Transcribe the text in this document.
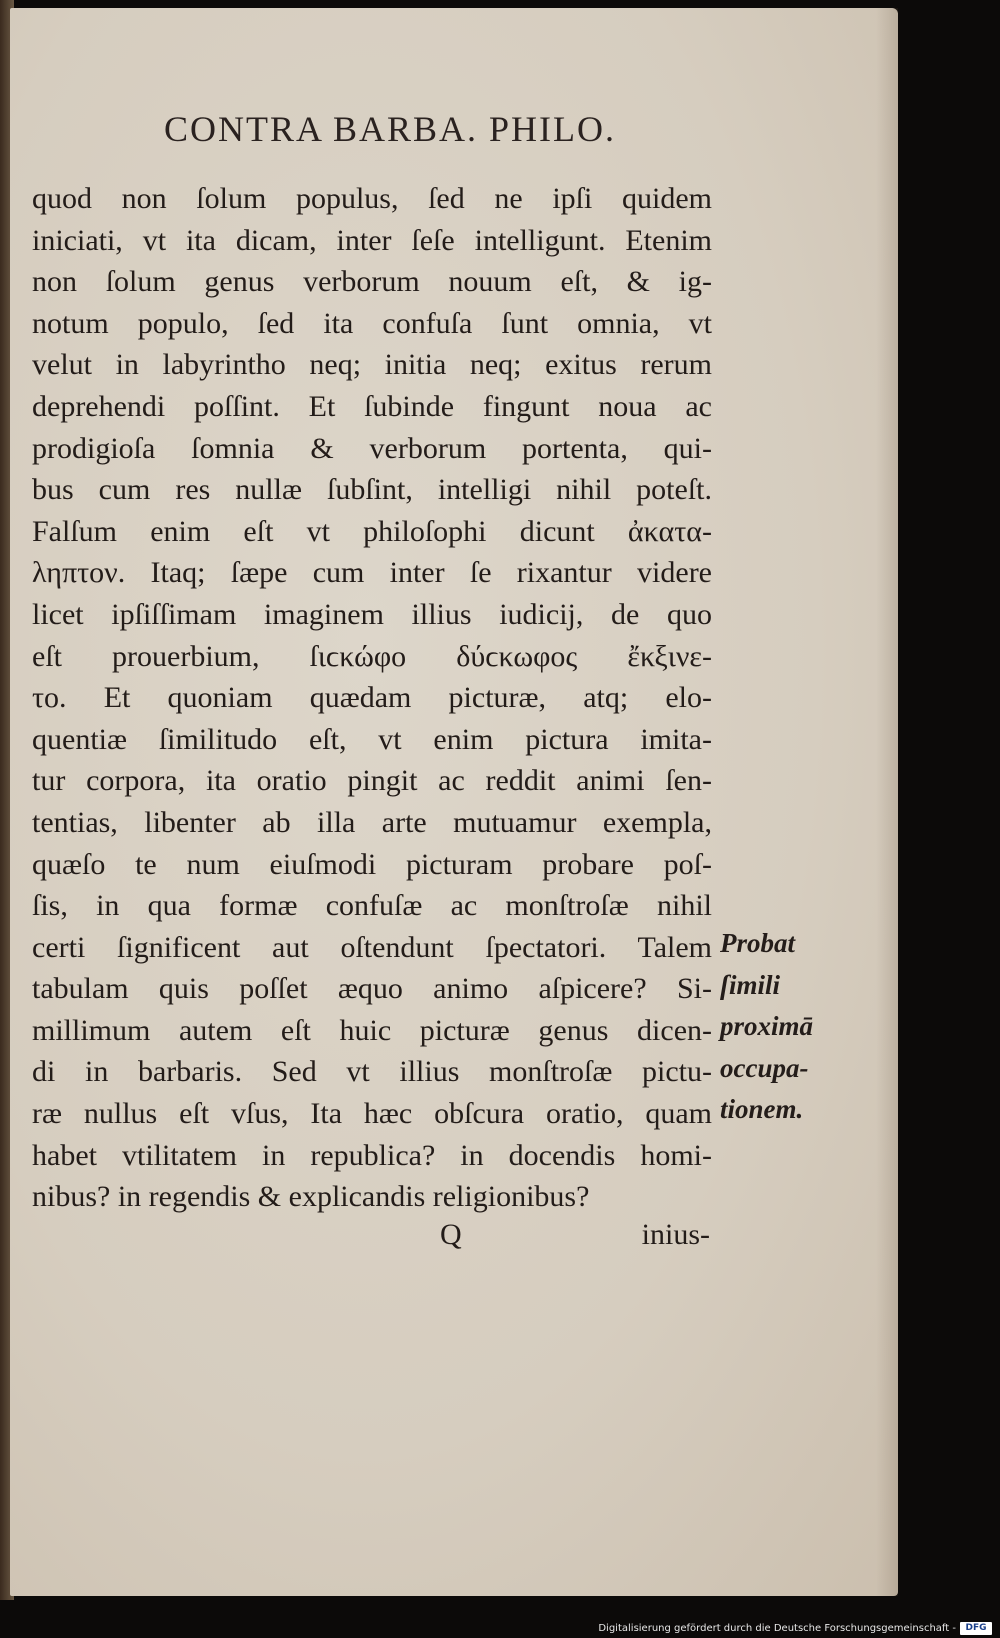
CONTRA BARBA. PHILO.
quod non ſolum populus, ſed ne ipſi quidem
iniciati, vt ita dicam, inter ſeſe intelligunt. Etenim
non ſolum genus verborum nouum eſt, & ig-
notum populo, ſed ita confuſa ſunt omnia, vt
velut in labyrintho neq; initia neq; exitus rerum
deprehendi poſſint. Et ſubinde fingunt noua ac
prodigioſa ſomnia & verborum portenta, qui-
bus cum res nullæ ſubſint, intelligi nihil poteſt.
Falſum enim eſt vt philoſophi dicunt ἀκατα-
ληπτον. Itaq; ſæpe cum inter ſe rixantur videre
licet ipſiſſimam imaginem illius iudicij, de quo
eſt prouerbium, ſιϲκώφο δύϲκωφος ἔκξινε-
το. Et quoniam quædam picturæ, atq; elo-
quentiæ ſimilitudo eſt, vt enim pictura imita-
tur corpora, ita oratio pingit ac reddit animi ſen-
tentias, libenter ab illa arte mutuamur exempla,
quæſo te num eiuſmodi picturam probare poſ-
ſis, in qua formæ confuſæ ac monſtroſæ nihil
certi ſignificent aut oſtendunt ſpectatori. Talem
tabulam quis poſſet æquo animo aſpicere? Si-
millimum autem eſt huic picturæ genus dicen-
di in barbaris. Sed vt illius monſtroſæ pictu-
ræ nullus eſt vſus, Ita hæc obſcura oratio, quam
habet vtilitatem in republica? in docendis homi-
nibus? in regendis & explicandis religionibus?
Probat
ſimili
proximā
occupa-
tionem.
Q	inius-
Digitalisierung gefördert durch die Deutsche Forschungsgemeinschaft -	DFG
